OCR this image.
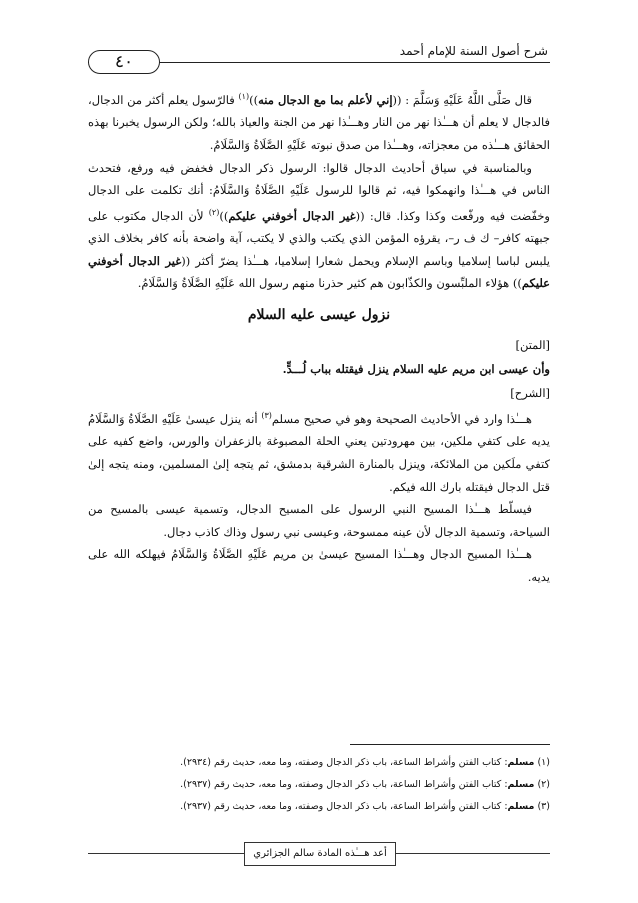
٤٠
شرح أصول السنة للإمام أحمد

قال صَلَّى اللَّهُ عَلَيْهِ وَسَلَّمَ : ((إني لأعلم بما مع الدجال منه))$^{(١)}$ فالرّسول يعلم أكثر من الدجال، فالدجال لا يعلم أن هـــٰذا نهر من النار وهـــٰذا نهر من الجنة والعياذ بالله؛ ولكن الرسول يخبرنا بهذه الحقائق هـــٰذه من معجزاته، وهـــٰذا من صدق نبوته عَلَيْهِ الصَّلَاةُ وَالسَّلَامُ.

وبالمناسبة في سياق أحاديث الدجال قالوا: الرسول ذكر الدجال فخفض فيه ورفع، فتحدث الناس في هـــٰذا وانهمكوا فيه، ثم قالوا للرسول عَلَيْهِ الصَّلَاةُ وَالسَّلَامُ: أنك تكلمت على الدجال وخفّضت فيه ورفّعت وكذا وكذا. قال: ((غير الدجال أخوفني عليكم))$^{(٢)}$ لأن الدجال مكتوب على جبهته كافر– ك ف ر–، يقرؤه المؤمن الذي يكتب والذي لا يكتب، آية واضحة بأنه كافر بخلاف الذي يلبس لباسا إسلاميا وباسم الإسلام ويحمل شعارا إسلاميا، هـــٰذا يضرّ أكثر ((غير الدجال أخوفني عليكم)) هؤلاء الملبِّسون والكذّابون هم كثير حذرنا منهم رسول الله عَلَيْهِ الصَّلَاةُ وَالسَّلَامُ.

نزول عيسى عليه السلام

[المتن]

وأن عيسى ابن مريم عليه السلام ينزل فيقتله بباب لُـــدٍّ.

[الشرح]

هـــٰذا وارد في الأحاديث الصحيحة وهو في صحيح مسلم$^{(٣)}$ أنه ينزل عيسىٰ عَلَيْهِ الصَّلَاةُ وَالسَّلَامُ يديه على كتفي ملكين، بين مهرودتين يعني الحلة المصبوغة بالزعفران والورس، واضع كفيه على كتفي ملَكين من الملائكة، وينزل بالمنارة الشرقية بدمشق، ثم يتجه إلىٰ المسلمين، ومنه يتجه إلىٰ قتل الدجال فيقتله بارك الله فيكم.

فيسلّط هـــٰذا المسيح النبي الرسول على المسيح الدجال، وتسمية عيسى بالمسيح من السياحة، وتسمية الدجال لأن عينه ممسوحة، وعيسى نبي رسول وذاك كاذب دجال.

هـــٰذا المسيح الدجال وهـــٰذا المسيح عيسىٰ بن مريم عَلَيْهِ الصَّلَاةُ وَالسَّلَامُ فيهلكه الله على يديه.

(١) مسلم: كتاب الفتن وأشراط الساعة، باب ذكر الدجال وصفته، وما معه، حديث رقم (٢٩٣٤).

(٢) مسلم: كتاب الفتن وأشراط الساعة، باب ذكر الدجال وصفته، وما معه، حديث رقم (٢٩٣٧).

(٣) مسلم: كتاب الفتن وأشراط الساعة، باب ذكر الدجال وصفته، وما معه، حديث رقم (٢٩٣٧).

أعد هـــٰذه المادة سالم الجزائري
